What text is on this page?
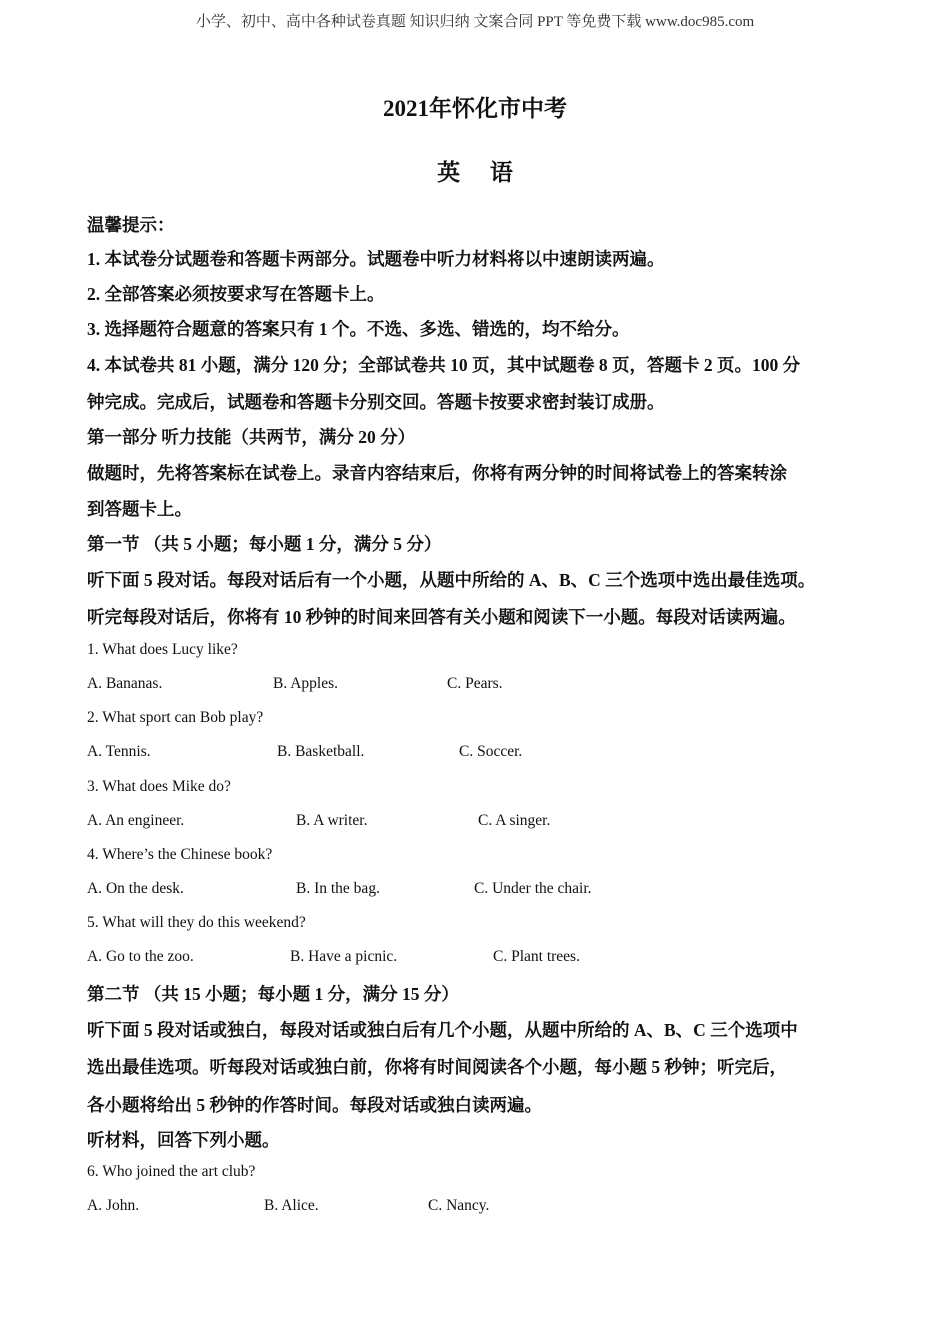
小学、初中、高中各种试卷真题 知识归纳 文案合同 PPT 等免费下载 www.doc985.com
2021年怀化市中考
英 语
温馨提示：
1. 本试卷分试题卷和答题卡两部分。试题卷中听力材料将以中速朗读两遍。
2. 全部答案必须按要求写在答题卡上。
3. 选择题符合题意的答案只有 1 个。不选、多选、错选的，均不给分。
4. 本试卷共 81 小题，满分 120 分；全部试卷共 10 页，其中试题卷 8 页，答题卡 2 页。100 分
钟完成。完成后，试题卷和答题卡分别交回。答题卡按要求密封装订成册。
第一部分 听力技能（共两节，满分 20 分）
做题时，先将答案标在试卷上。录音内容结束后，你将有两分钟的时间将试卷上的答案转涂
到答题卡上。
第一节 （共 5 小题；每小题 1 分，满分 5 分）
听下面 5 段对话。每段对话后有一个小题，从题中所给的 A、B、C 三个选项中选出最佳选项。
听完每段对话后，你将有 10 秒钟的时间来回答有关小题和阅读下一小题。每段对话读两遍。
1. What does Lucy like?
A. Bananas.	B. Apples.	C. Pears.
2. What sport can Bob play?
A. Tennis.	B. Basketball.	C. Soccer.
3. What does Mike do?
A. An engineer.	B. A writer.	C. A singer.
4. Where’s the Chinese book?
A. On the desk.	B. In the bag.	C. Under the chair.
5. What will they do this weekend?
A. Go to the zoo.	B. Have a picnic.	C. Plant trees.
第二节 （共 15 小题；每小题 1 分，满分 15 分）
听下面 5 段对话或独白，每段对话或独白后有几个小题，从题中所给的 A、B、C 三个选项中
选出最佳选项。听每段对话或独白前，你将有时间阅读各个小题，每小题 5 秒钟；听完后，
各小题将给出 5 秒钟的作答时间。每段对话或独白读两遍。
听材料，回答下列小题。
6. Who joined the art club?
A. John.	B. Alice.	C. Nancy.
